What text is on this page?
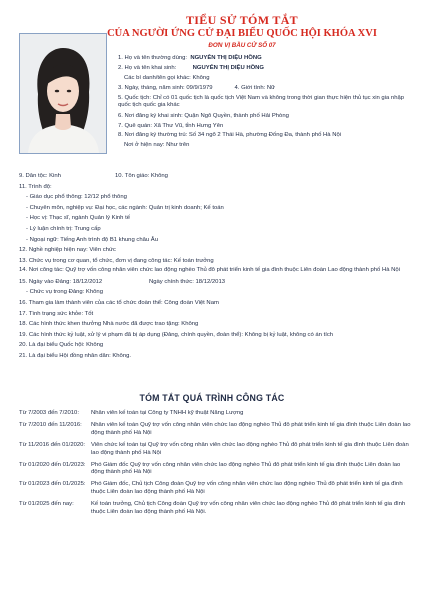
TIỂU SỬ TÓM TẮT
CỦA NGƯỜI ỨNG CỬ ĐẠI BIỂU QUỐC HỘI KHÓA XVI
ĐƠN VỊ BẦU CỬ SỐ 07
1. Họ và tên thường dùng: NGUYỄN THỊ DIỆU HỒNG
2. Họ và tên khai sinh:	NGUYỄN THỊ DIỆU HỒNG
Các bí danh/tên gọi khác: Không
3. Ngày, tháng, năm sinh: 09/9/1979	4. Giới tính: Nữ
5. Quốc tịch: Chỉ có 01 quốc tịch là quốc tịch Việt Nam và không trong thời gian thực hiện thủ tục xin gia nhập quốc tịch quốc gia khác
6. Nơi đăng ký khai sinh: Quận Ngô Quyền, thành phố Hải Phòng
7. Quê quán: Xã Thư Vũ, tỉnh Hưng Yên
8. Nơi đăng ký thường trú: Số 34 ngõ 2 Thái Hà, phường Đống Đa, thành phố Hà Nội
Nơi ở hiện nay: Như trên
9. Dân tộc: Kinh	10. Tôn giáo: Không
11. Trình độ:
- Giáo dục phổ thông: 12/12 phổ thông
- Chuyên môn, nghiệp vụ: Đại học, các ngành: Quản trị kinh doanh; Kế toán
- Học vị: Thạc sĩ, ngành Quản lý Kinh tế
- Lý luận chính trị: Trung cấp
- Ngoại ngữ: Tiếng Anh trình độ B1 khung châu Âu
12. Nghề nghiệp hiện nay: Viên chức
13. Chức vụ trong cơ quan, tổ chức, đơn vị đang công tác: Kế toán trưởng
14. Nơi công tác: Quỹ trợ vốn công nhân viên chức lao động nghèo Thủ đô phát triển kinh tế gia đình thuộc Liên đoàn Lao động thành phố Hà Nội
15. Ngày vào Đảng: 18/12/2012	Ngày chính thức: 18/12/2013
- Chức vụ trong Đảng: Không
16. Tham gia làm thành viên của các tổ chức đoàn thể: Công đoàn Việt Nam
17. Tình trạng sức khỏe: Tốt
18. Các hình thức khen thưởng Nhà nước đã được trao tặng: Không
19. Các hình thức kỷ luật, xử lý vi phạm đã bị áp dụng (Đảng, chính quyền, đoàn thể): Không bị kỷ luật, không có án tích
20. Là đại biểu Quốc hội: Không
21. Là đại biểu Hội đồng nhân dân: Không.
TÓM TẮT QUÁ TRÌNH CÔNG TÁC
Từ 7/2003 đến 7/2010:	Nhân viên kế toán tại Công ty TNHH kỹ thuật Năng Lượng
Từ 7/2010 đến 11/2016:	Nhân viên kế toán Quỹ trợ vốn công nhân viên chức lao động nghèo Thủ đô phát triển kinh tế gia đình thuộc Liên đoàn lao động thành phố Hà Nội
Từ 11/2016 đến 01/2020:	Viên chức kế toán tại Quỹ trợ vốn công nhân viên chức lao động nghèo Thủ đô phát triển kinh tế gia đình thuộc Liên đoàn lao động thành phố Hà Nội
Từ 01/2020 đến 01/2023: Phó Giám đốc Quỹ trợ vốn công nhân viên chức lao động nghèo Thủ đô phát triển kinh tế gia đình thuộc Liên đoàn lao động thành phố Hà Nội
Từ 01/2023 đến 01/2025: Phó Giám đốc, Chủ tịch Công đoàn Quỹ trợ vốn công nhân viên chức lao động nghèo Thủ đô phát triển kinh tế gia đình thuộc Liên đoàn lao động thành phố Hà Nội
Từ 01/2025 đến nay:	Kế toán trưởng, Chủ tịch Công đoàn Quỹ trợ vốn công nhân viên chức lao động nghèo Thủ đô phát triển kinh tế gia đình thuộc Liên đoàn lao động thành phố Hà Nội.
